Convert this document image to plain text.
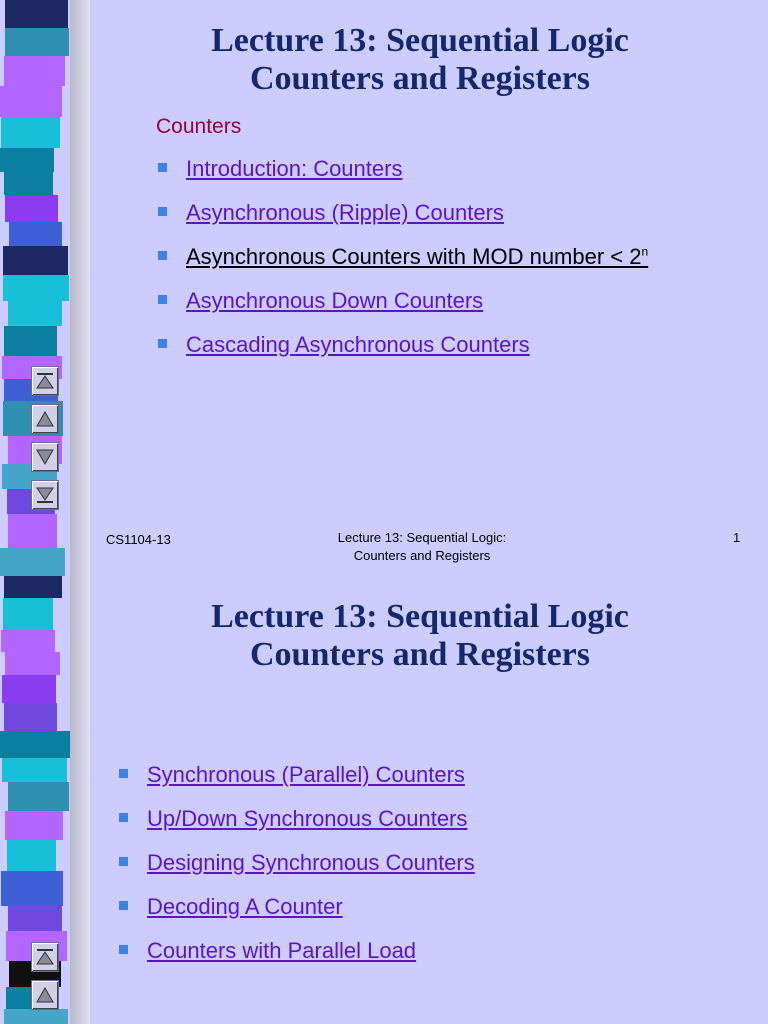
Lecture 13: Sequential Logic
Counters and Registers
Counters
Introduction: Counters
Asynchronous (Ripple) Counters
Asynchronous Counters with MOD number < $2^n$
Asynchronous Down Counters
Cascading Asynchronous Counters
CS1104-13	Lecture 13: Sequential Logic:
Counters and Registers
1
Lecture 13: Sequential Logic
Counters and Registers
Synchronous (Parallel) Counters
Up/Down Synchronous Counters
Designing Synchronous Counters
Decoding A Counter
Counters with Parallel Load
